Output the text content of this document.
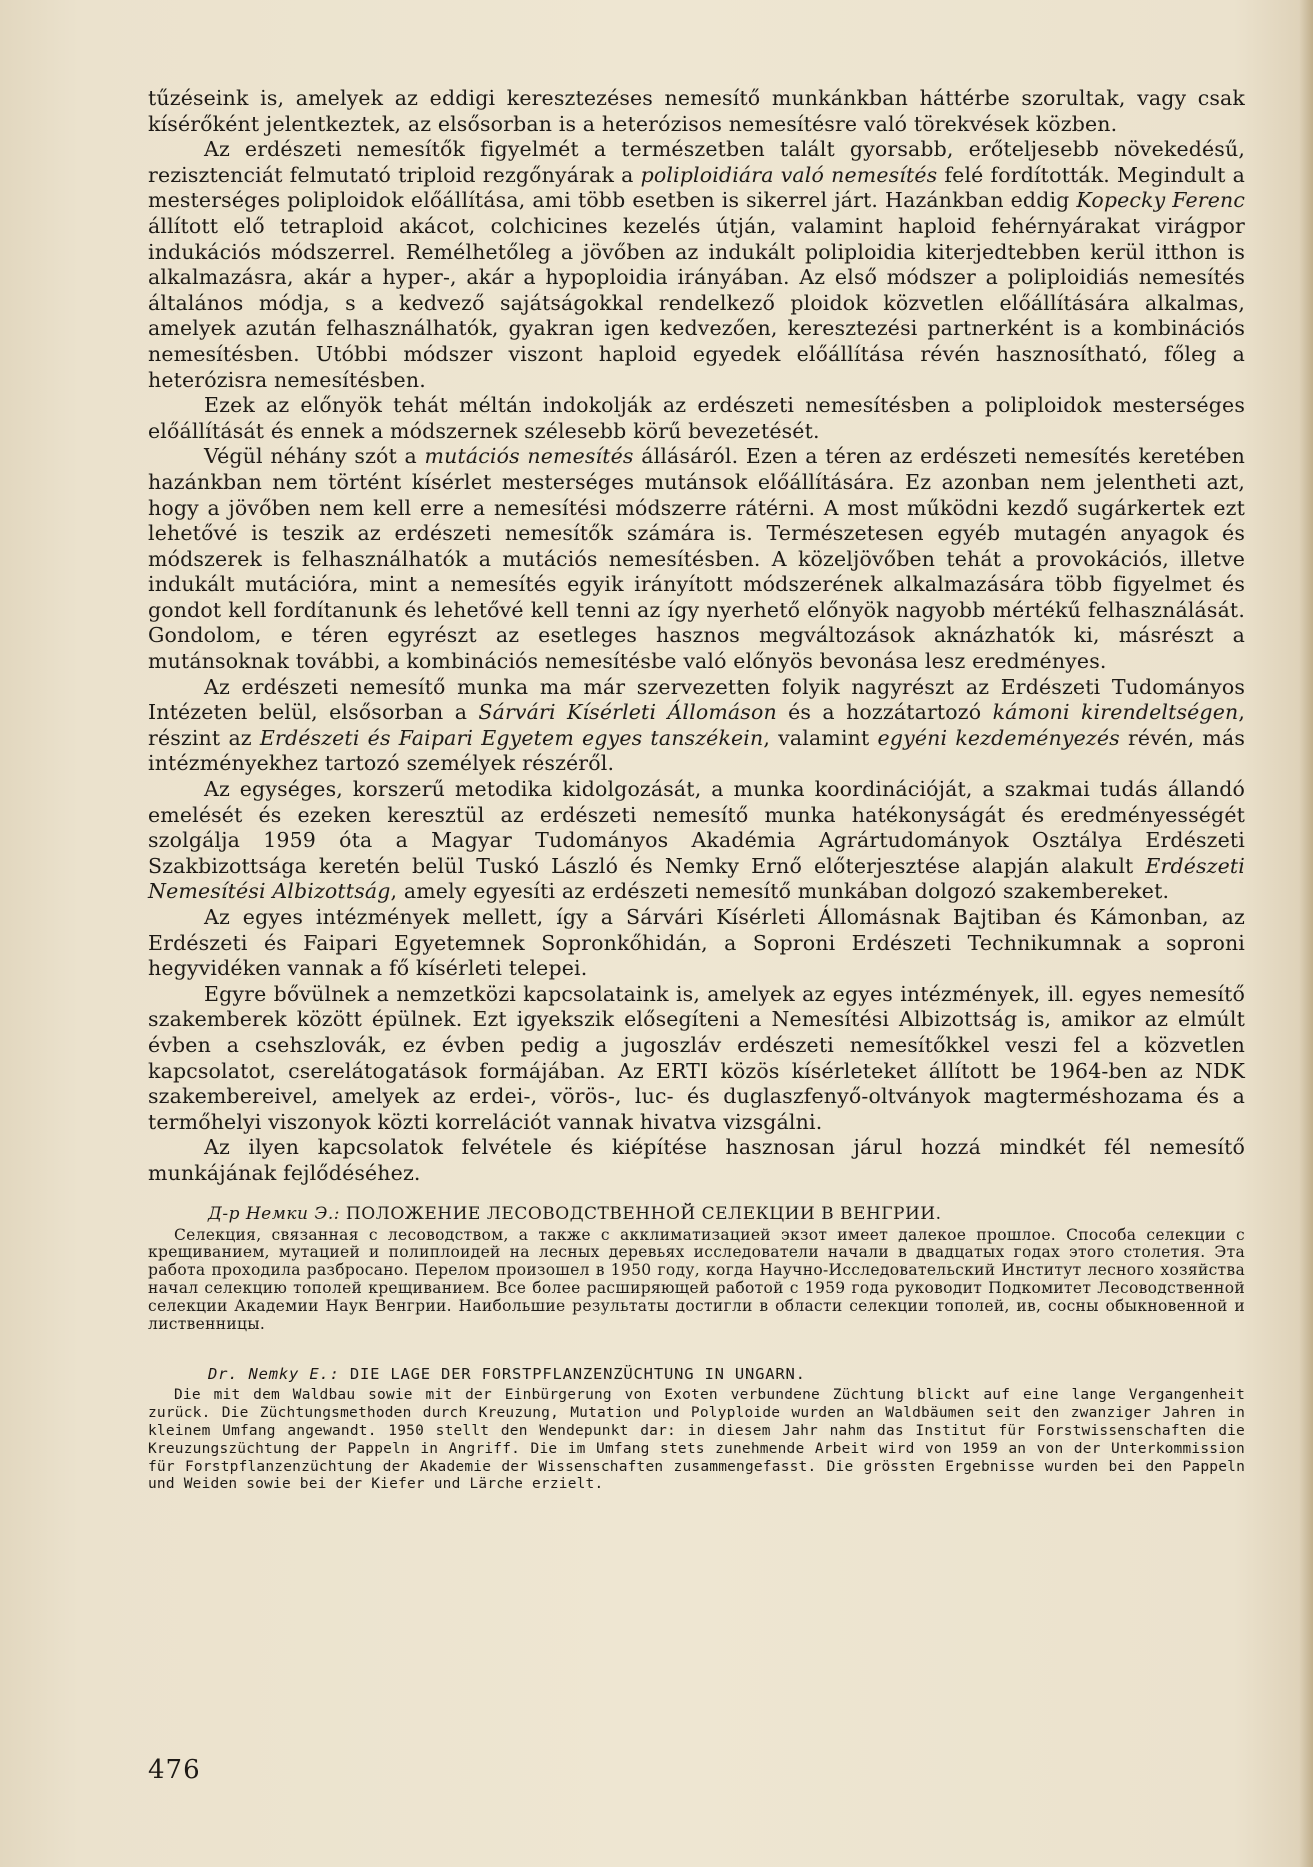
tűzéseink is, amelyek az eddigi keresztezéses nemesítő munkánkban háttérbe szorultak, vagy csak kísérőként jelentkeztek, az elsősorban is a heterózisos nemesítésre való törekvések közben.

Az erdészeti nemesítők figyelmét a természetben talált gyorsabb, erőteljesebb növekedésű, rezisztenciát felmutató triploid rezgőnyárak a poliploidiára való nemesítés felé fordították. Megindult a mesterséges poliploidok előállítása, ami több esetben is sikerrel járt. Hazánkban eddig Kopecky Ferenc állított elő tetraploid akácot, colchicines kezelés útján, valamint haploid fehérnyárakat virágpor indukációs módszerrel. Remélhetőleg a jövőben az indukált poliploidia kiterjedtebben kerül itthon is alkalmazásra, akár a hyper-, akár a hypoploidia irányában. Az első módszer a poliploidiás nemesítés általános módja, s a kedvező sajátságokkal rendelkező ploidok közvetlen előállítására alkalmas, amelyek azután felhasználhatók, gyakran igen kedvezően, keresztezési partnerként is a kombinációs nemesítésben. Utóbbi módszer viszont haploid egyedek előállítása révén hasznosítható, főleg a heterózisra nemesítésben.

Ezek az előnyök tehát méltán indokolják az erdészeti nemesítésben a poliploidok mesterséges előállítását és ennek a módszernek szélesebb körű bevezetését.

Végül néhány szót a mutációs nemesítés állásáról. Ezen a téren az erdészeti nemesítés keretében hazánkban nem történt kísérlet mesterséges mutánsok előállítására. Ez azonban nem jelentheti azt, hogy a jövőben nem kell erre a nemesítési módszerre rátérni. A most működni kezdő sugárkertek ezt lehetővé is teszik az erdészeti nemesítők számára is. Természetesen egyéb mutagén anyagok és módszerek is felhasználhatók a mutációs nemesítésben. A közeljövőben tehát a provokációs, illetve indukált mutációra, mint a nemesítés egyik irányított módszerének alkalmazására több figyelmet és gondot kell fordítanunk és lehetővé kell tenni az így nyerhető előnyök nagyobb mértékű felhasználását. Gondolom, e téren egyrészt az esetleges hasznos megváltozások aknázhatók ki, másrészt a mutánsoknak további, a kombinációs nemesítésbe való előnyös bevonása lesz eredményes.

Az erdészeti nemesítő munka ma már szervezetten folyik nagyrészt az Erdészeti Tudományos Intézeten belül, elsősorban a Sárvári Kísérleti Állomáson és a hozzátartozó kámoni kirendeltségen, részint az Erdészeti és Faipari Egyetem egyes tanszékein, valamint egyéni kezdeményezés révén, más intézményekhez tartozó személyek részéről.

Az egységes, korszerű metodika kidolgozását, a munka koordinációját, a szakmai tudás állandó emelését és ezeken keresztül az erdészeti nemesítő munka hatékonyságát és eredményességét szolgálja 1959 óta a Magyar Tudományos Akadémia Agrártudományok Osztálya Erdészeti Szakbizottsága keretén belül Tuskó László és Nemky Ernő előterjesztése alapján alakult Erdészeti Nemesítési Albizottság, amely egyesíti az erdészeti nemesítő munkában dolgozó szakembereket.

Az egyes intézmények mellett, így a Sárvári Kísérleti Állomásnak Bajtiban és Kámonban, az Erdészeti és Faipari Egyetemnek Sopronkőhidán, a Soproni Erdészeti Technikumnak a soproni hegyvidéken vannak a fő kísérleti telepei.

Egyre bővülnek a nemzetközi kapcsolataink is, amelyek az egyes intézmények, ill. egyes nemesítő szakemberek között épülnek. Ezt igyekszik elősegíteni a Nemesítési Albizottság is, amikor az elmúlt évben a csehszlovák, ez évben pedig a jugoszláv erdészeti nemesítőkkel veszi fel a közvetlen kapcsolatot, cserelátogatások formájában. Az ERTI közös kísérleteket állított be 1964-ben az NDK szakembereivel, amelyek az erdei-, vörös-, luc- és duglaszfenyő-oltványok magterméshozama és a termőhelyi viszonyok közti korrelációt vannak hivatva vizsgálni.

Az ilyen kapcsolatok felvétele és kiépítése hasznosan járul hozzá mindkét fél nemesítő munkájának fejlődéséhez.

Д-р Немки Э.: ПОЛОЖЕНИЕ ЛЕСОВОДСТВЕННОЙ СЕЛЕКЦИИ В ВЕНГРИИ.

Селекция, связанная с лесоводством, а также с акклиматизацией экзот имеет далекое прошлое. Способа селекции с крещиванием, мутацией и полиплоидей на лесных деревьях исследователи начали в двадцатых годах этого столетия. Эта работа проходила разбросано. Перелом произошел в 1950 году, когда Научно-Исследовательский Институт лесного хозяйства начал селекцию тополей крещиванием. Все более расширяющей работой с 1959 года руководит Подкомитет Лесоводственной селекции Академии Наук Венгрии. Наибольшие результаты достигли в области селекции тополей, ив, сосны обыкновенной и лиственницы.

Dr. Nemky E.: DIE LAGE DER FORSTPFLANZENZÜCHTUNG IN UNGARN.

Die mit dem Waldbau sowie mit der Einbürgerung von Exoten verbundene Züchtung blickt auf eine lange Vergangenheit zurück. Die Züchtungsmethoden durch Kreuzung, Mutation und Polyploide wurden an Waldbäumen seit den zwanziger Jahren in kleinem Umfang angewandt. 1950 stellt den Wendepunkt dar: in diesem Jahr nahm das Institut für Forstwissenschaften die Kreuzungszüchtung der Pappeln in Angriff. Die im Umfang stets zunehmende Arbeit wird von 1959 an von der Unterkommission für Forstpflanzenzüchtung der Akademie der Wissenschaften zusammengefasst. Die grössten Ergebnisse wurden bei den Pappeln und Weiden sowie bei der Kiefer und Lärche erzielt.

476
